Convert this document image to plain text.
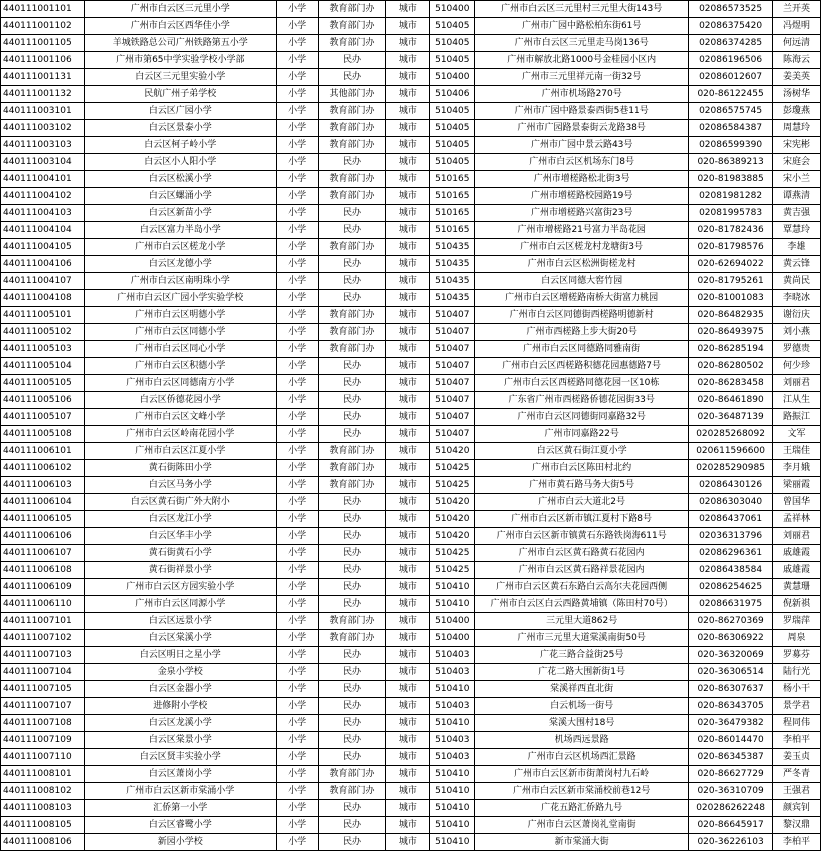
440111001101	广州市白云区三元里小学	小学	教育部门办	城市	510400	广州市白云区三元里村三元里大街143号	02086573525	兰开英
440111001102	广州市白云区西华佳小学	小学	教育部门办	城市	510405	广州市广园中路松柏东街61号	02086375420	冯煜明
440111001105	羊城铁路总公司广州铁路第五小学	小学	教育部门办	城市	510405	广州市白云区三元里走马岗136号	02086374285	何远清
440111001106	广州市第65中学实验学校小学部	小学	民办	城市	510405	广州市解放北路1000号金桂园小区内	02086196506	陈海云
440111001131	白云区三元里实验小学	小学	民办	城市	510400	广州市三元里祥元南一街32号	02086012607	姜美英
440111001132	民航广州子弟学校	小学	其他部门办	城市	510406	广州市机场路270号	020-86122455	汤树华
440111003101	白云区广园小学	小学	教育部门办	城市	510405	广州市广园中路景泰西街5巷11号	02086575745	彭瓊燕
440111003102	白云区景泰小学	小学	教育部门办	城市	510405	广州市广园路景泰街云龙路38号	02086584387	周慧玲
440111003103	白云区柯子岭小学	小学	教育部门办	城市	510405	广州市广园中景云路43号	02086599390	宋宪彬
440111003104	白云区小人阳小学	小学	民办	城市	510405	广州市白云区机场东门8号	020-86389213	宋庭会
440111004101	白云区松溪小学	小学	教育部门办	城市	510165	广州市增槎路松北街3号	020-81983885	宋小兰
440111004102	白云区螺涌小学	小学	教育部门办	城市	510165	广州市增槎路校园路19号	02081981282	谭燕清
440111004103	白云区新苗小学	小学	民办	城市	510165	广州市增槎路兴富街23号	02081995783	黄吉强
440111004104	白云区富力半岛小学	小学	民办	城市	510165	广州市增槎路21号富力半岛花园	020-81782436	覃慧玲
440111004105	广州市白云区槎龙小学	小学	教育部门办	城市	510435	广州市白云区槎龙村龙塘街3号	020-81798576	李雄
440111004106	白云区龙德小学	小学	民办	城市	510435	广州市白云区松洲街槎龙村	020-62694022	黄云锋
440111004107	广州市白云区南明珠小学	小学	民办	城市	510435	白云区同德大窖竹园	020-81795261	黄尚民
440111004108	广州市白云区广园小学实验学校	小学	民办	城市	510435	广州市白云区增槎路南桥大街富力桃园	020-81001083	李晓冰
440111005101	广州市白云区明德小学	小学	教育部门办	城市	510407	广州市白云区同德街西槎路明德新村	020-86482935	谢衍庆
440111005102	广州市白云区同德小学	小学	教育部门办	城市	510407	广州市西槎路上步大街20号	020-86493975	刘小燕
440111005103	广州市白云区同心小学	小学	教育部门办	城市	510407	广州市白云区同德路同雅南街	020-86285194	罗德贵
440111005104	广州市白云区积德小学	小学	民办	城市	510407	广州市白云区西槎路积德花园惠德路7号	020-86280502	何少珍
440111005105	广州市白云区同德南方小学	小学	民办	城市	510407	广州市白云区西槎路同德花园一区10栋	020-86283458	刘丽君
440111005106	白云区侨德花园小学	小学	民办	城市	510407	广东省广州市西槎路侨德花园街33号	020-86461890	江从生
440111005107	广州市白云区文峰小学	小学	民办	城市	510407	广州市白云区同德街同嘉路32号	020-36487139	路振江
440111005108	广州市白云区岭南花园小学	小学	民办	城市	510407	广州市同嘉路22号	020285268092	文军
440111006101	广州市白云区江夏小学	小学	教育部门办	城市	510420	白云区黄石街江夏小学	020611596600	王瑞佳
440111006102	黄石街陈田小学	小学	教育部门办	城市	510425	广州市白云区陈田村北约	020285290985	李月娥
440111006103	白云区马务小学	小学	教育部门办	城市	510425	广州市黄石路马务大街5号	02086430126	梁丽霞
440111006104	白云区黄石街广外大附小	小学	民办	城市	510420	广州市白云大道北2号	02086303040	曾国华
440111006105	白云区龙江小学	小学	民办	城市	510420	广州市白云区新市镇江夏村下路8号	02086437061	孟祥林
440111006106	白云区华丰小学	小学	民办	城市	510420	广州市白云区新市镇黄石东路铁岗海611号	02036313796	刘丽君
440111006107	黄石街黄石小学	小学	民办	城市	510425	广州市白云区黄石路黄石花园内	02086296361	戚雄霞
440111006108	黄石街祥景小学	小学	民办	城市	510425	广州市白云区黄石路祥景花园内	02086438584	戚雄霞
440111006109	广州市白云区方园实验小学	小学	民办	城市	510410	广州市白云区黄石东路白云高尔夫花园西侧	02086254625	黄慧珊
440111006110	广州市白云区同源小学	小学	民办	城市	510410	广州市白云区白云西路黄埔镇（陈田村70号）	02086631975	倪新祺
440111007101	白云区远景小学	小学	教育部门办	城市	510400	三元里大道862号	020-86270369	罗瑞萍
440111007102	白云区棠溪小学	小学	教育部门办	城市	510400	广州市三元里大道棠溪南街50号	020-86306922	周泉
440111007103	白云区明日之星小学	小学	民办	城市	510403	广花三路合益街25号	020-36320069	罗募芬
440111007104	金泉小学校	小学	民办	城市	510403	广花二路大围新街1号	020-36306514	陆行光
440111007105	白云区金器小学	小学	民办	城市	510410	棠溪祥西直北街	020-86307637	杨小干
440111007107	进修附小学校	小学	民办	城市	510403	白云机场一街号	020-86343705	景学君
440111007108	白云区龙溪小学	小学	民办	城市	510410	棠溪大围村18号	020-36479382	程同伟
440111007109	白云区棠景小学	小学	民办	城市	510403	机场西远景路	020-86014470	李柏平
440111007110	白云区贤丰实验小学	小学	民办	城市	510403	广州市白云区机场西汇景路	020-86345387	姜玉贞
440111008101	白云区萧岗小学	小学	教育部门办	城市	510410	广州市白云区新市街萧岗村九石岭	020-86627729	严冬青
440111008102	广州市白云区新市棠涌小学	小学	教育部门办	城市	510410	广州市白云区新市棠涌校前巷12号	020-36310709	王强君
440111008103	汇侨第一小学	小学	民办	城市	510410	广花五路汇侨路九号	020286262248	颜宾钊
440111008105	白云区睿鹭小学	小学	民办	城市	510410	广州市白云区萧岗礼堂南街	020-86645917	黎汉鼎
440111008106	新园小学校	小学	民办	城市	510410	新市棠涌大街	020-36226103	李柏平
